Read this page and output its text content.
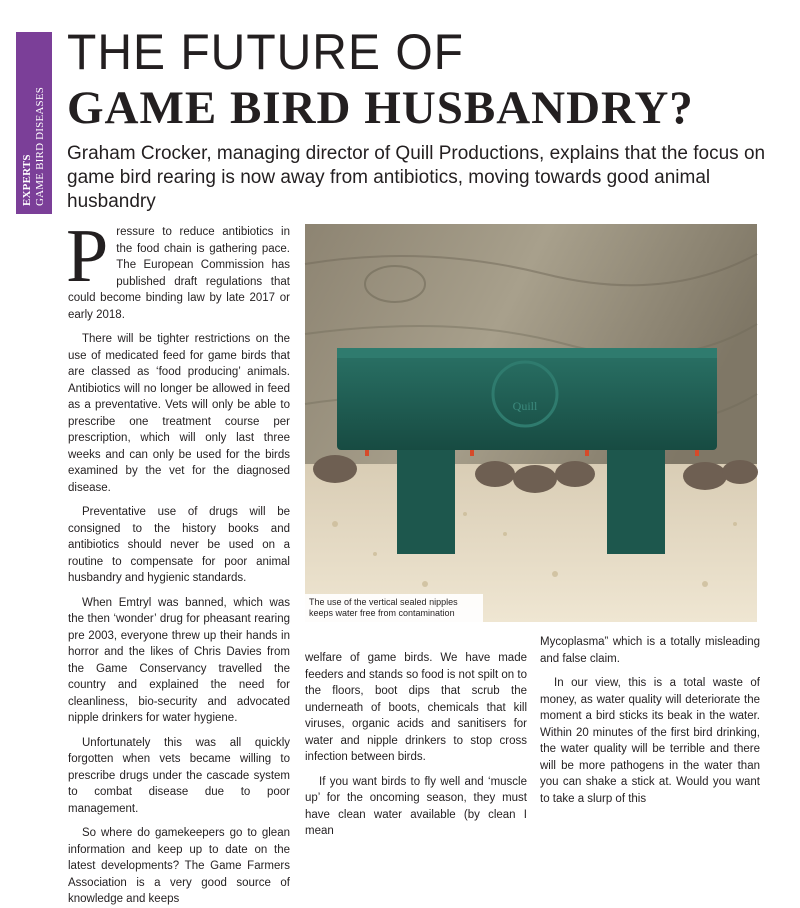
EXPERTS GAME BIRD DISEASES
THE FUTURE OF
GAME BIRD HUSBANDRY?
Graham Crocker, managing director of Quill Productions, explains that the focus on game bird rearing is now away from antibiotics, moving towards good animal husbandry

Pressure to reduce antibiotics in the food chain is gathering pace. The European Commission has published draft regulations that could become binding law by late 2017 or early 2018.

There will be tighter restrictions on the use of medicated feed for game birds that are classed as ‘food producing’ animals. Antibiotics will no longer be allowed in feed as a preventative. Vets will only be able to prescribe one treatment course per prescription, which will only last three weeks and can only be used for the birds examined by the vet for the diagnosed disease.

Preventative use of drugs will be consigned to the history books and antibiotics should never be used on a routine to compensate for poor animal husbandry and hygienic standards.

When Emtryl was banned, which was the then ‘wonder’ drug for pheasant rearing pre 2003, everyone threw up their hands in horror and the likes of Chris Davies from the Game Conservancy travelled the country and explained the need for cleanliness, bio-security and advocated nipple drinkers for water hygiene.

Unfortunately this was all quickly forgotten when vets became willing to prescribe drugs under the cascade system to combat disease due to poor management.

So where do gamekeepers go to glean information and keep up to date on the latest developments? The Game Farmers Association is a very good source of knowledge and keeps

Quill
The use of the vertical sealed nipples keeps water free from contamination

welfare of game birds. We have made feeders and stands so food is not spilt on to the floors, boot dips that scrub the underneath of boots, chemicals that kill viruses, organic acids and sanitisers for water and nipple drinkers to stop cross infection between birds.

If you want birds to fly well and ‘muscle up’ for the oncoming season, they must have clean water available (by clean I mean

Mycoplasma” which is a totally misleading and false claim.

In our view, this is a total waste of money, as water quality will deteriorate the moment a bird sticks its beak in the water. Within 20 minutes of the first bird drinking, the water quality will be terrible and there will be more pathogens in the water than you can shake a stick at. Would you want to take a slurp of this
